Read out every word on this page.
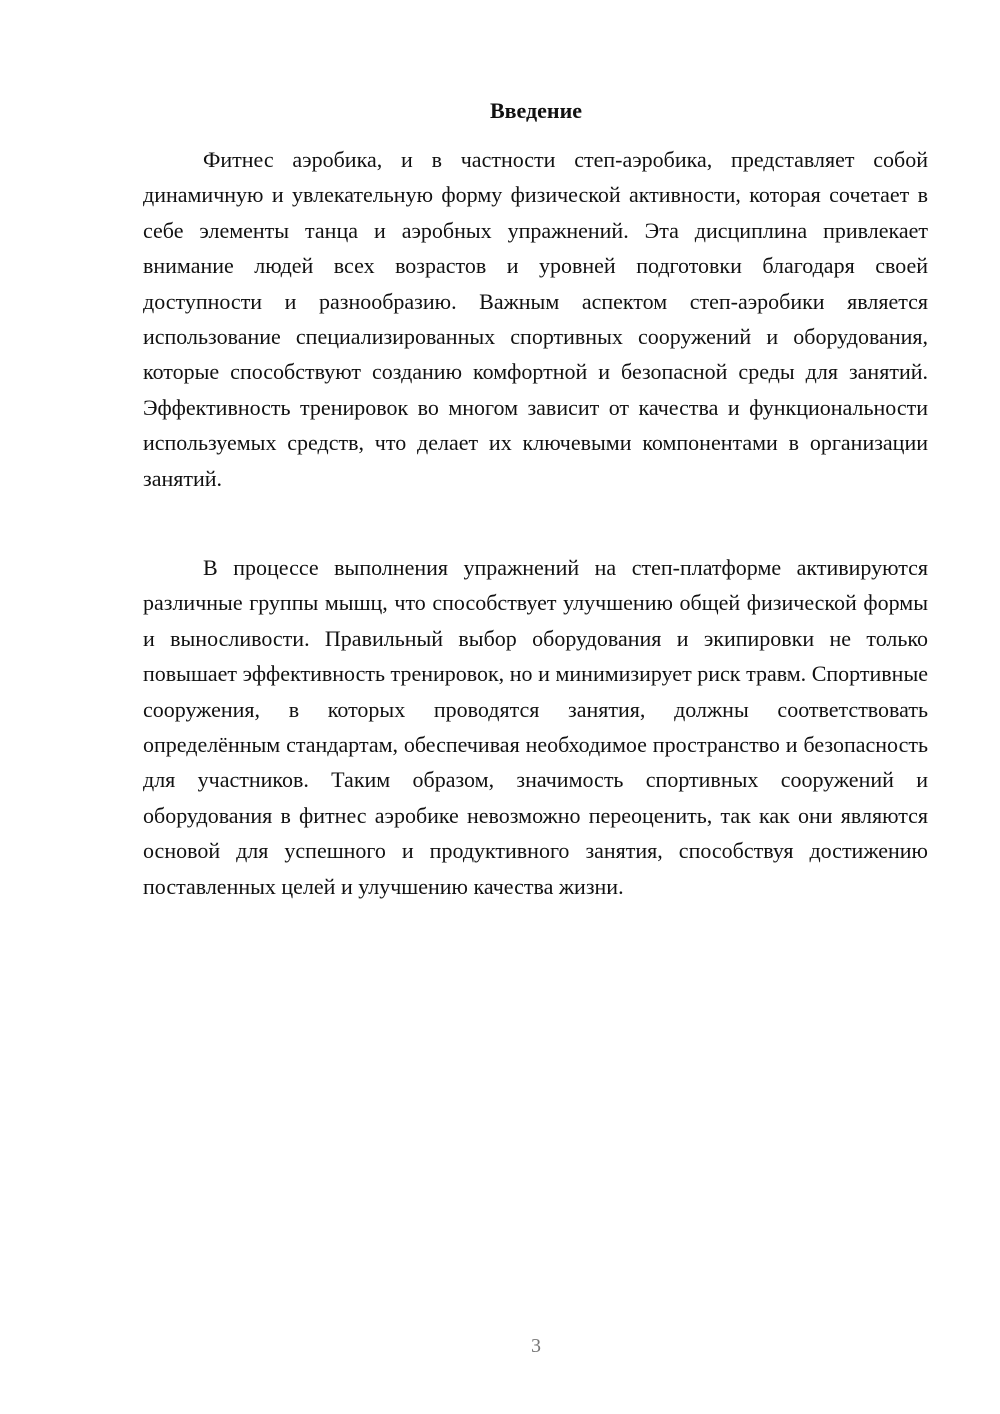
Введение

Фитнес аэробика, и в частности степ-аэробика, представляет собой динамичную и увлекательную форму физической активности, которая сочетает в себе элементы танца и аэробных упражнений. Эта дисциплина привлекает внимание людей всех возрастов и уровней подготовки благодаря своей доступности и разнообразию. Важным аспектом степ-аэробики является использование специализированных спортивных сооружений и оборудования, которые способствуют созданию комфортной и безопасной среды для занятий. Эффективность тренировок во многом зависит от качества и функциональности используемых средств, что делает их ключевыми компонентами в организации занятий.

В процессе выполнения упражнений на степ-платформе активируются различные группы мышц, что способствует улучшению общей физической формы и выносливости. Правильный выбор оборудования и экипировки не только повышает эффективность тренировок, но и минимизирует риск травм. Спортивные сооружения, в которых проводятся занятия, должны соответствовать определённым стандартам, обеспечивая необходимое пространство и безопасность для участников. Таким образом, значимость спортивных сооружений и оборудования в фитнес аэробике невозможно переоценить, так как они являются основой для успешного и продуктивного занятия, способствуя достижению поставленных целей и улучшению качества жизни.

3
